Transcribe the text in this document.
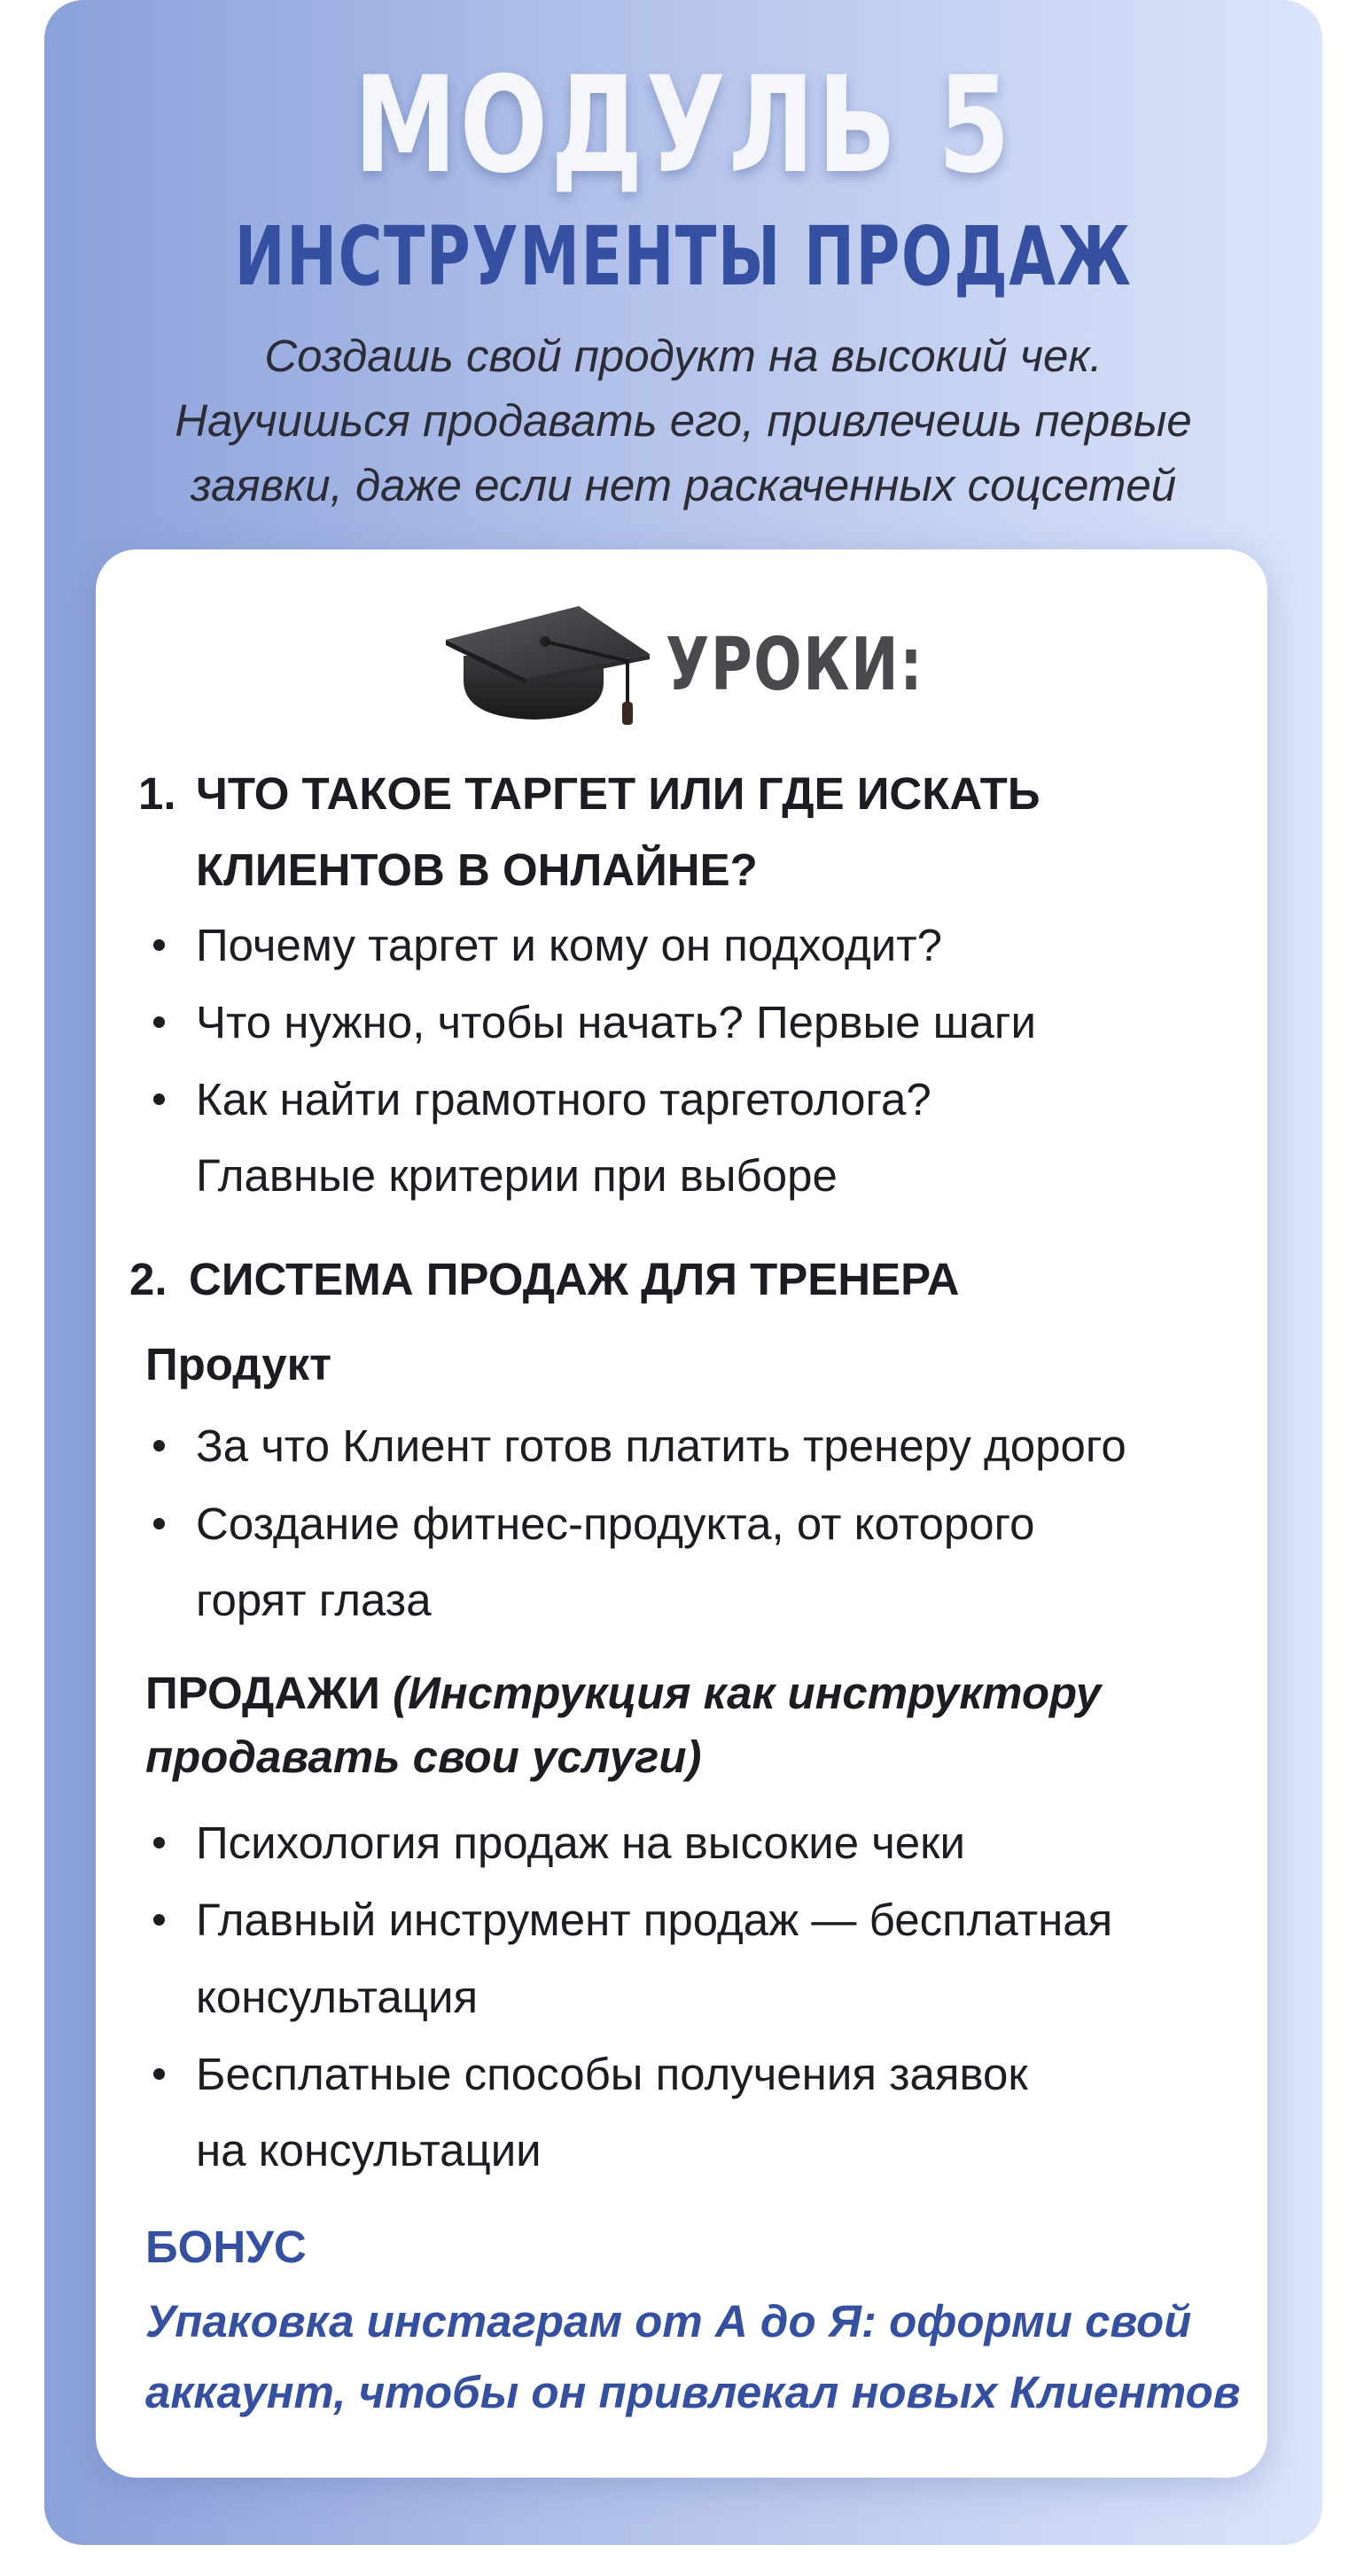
МОДУЛЬ 5
ИНСТРУМЕНТЫ ПРОДАЖ
Создашь свой продукт на высокий чек.
Научишься продавать его, привлечешь первые
заявки, даже если нет раскаченных соцсетей
УРОКИ:
1. ЧТО ТАКОЕ ТАРГЕТ ИЛИ ГДЕ ИСКАТЬ
КЛИЕНТОВ В ОНЛАЙНЕ?
Почему таргет и кому он подходит?
Что нужно, чтобы начать? Первые шаги
Как найти грамотного таргетолога?
Главные критерии при выборе
2. СИСТЕМА ПРОДАЖ ДЛЯ ТРЕНЕРА
Продукт
За что Клиент готов платить тренеру дорого
Создание фитнес-продукта, от которого
горят глаза
ПРОДАЖИ (Инструкция как инструктору
продавать свои услуги)
Психология продаж на высокие чеки
Главный инструмент продаж — бесплатная
консультация
Бесплатные способы получения заявок
на консультации
БОНУС
Упаковка инстаграм от А до Я: оформи свой
аккаунт, чтобы он привлекал новых Клиентов
